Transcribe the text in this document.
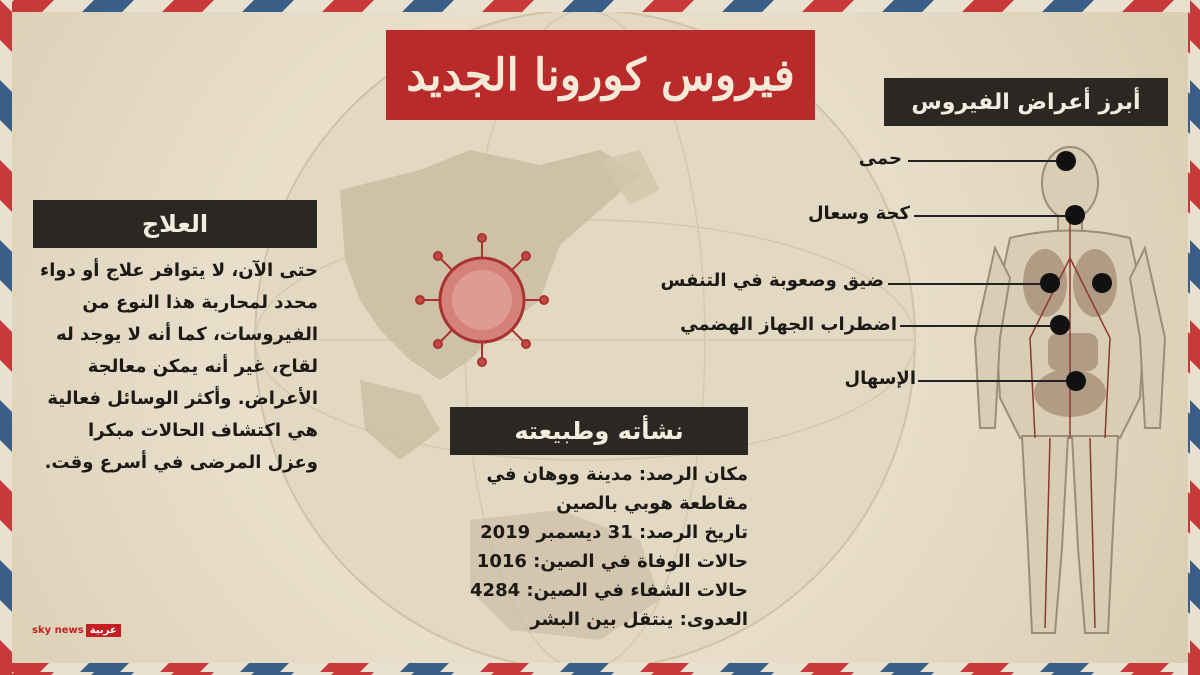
فيروس كورونا الجديد
العلاج
حتى الآن، لا يتوافر علاج أو دواء
محدد لمحاربة هذا النوع من
الفيروسات، كما أنه لا يوجد له
لقاح، غير أنه يمكن معالجة
الأعراض. وأكثر الوسائل فعالية
هي اكتشاف الحالات مبكرا
وعزل المرضى في أسرع وقت.
نشأته وطبيعته
مكان الرصد: مدينة ووهان في
مقاطعة هوبي بالصين
تاريخ الرصد: 31 ديسمبر 2019
حالات الوفاة في الصين: 1016
حالات الشفاء في الصين: 4284
العدوى: ينتقل بين البشر
أبرز أعراض الفيروس
حمى
كحة وسعال
ضيق وصعوبة في التنفس
اضطراب الجهاز الهضمي
الإسهال
sky news عربية
